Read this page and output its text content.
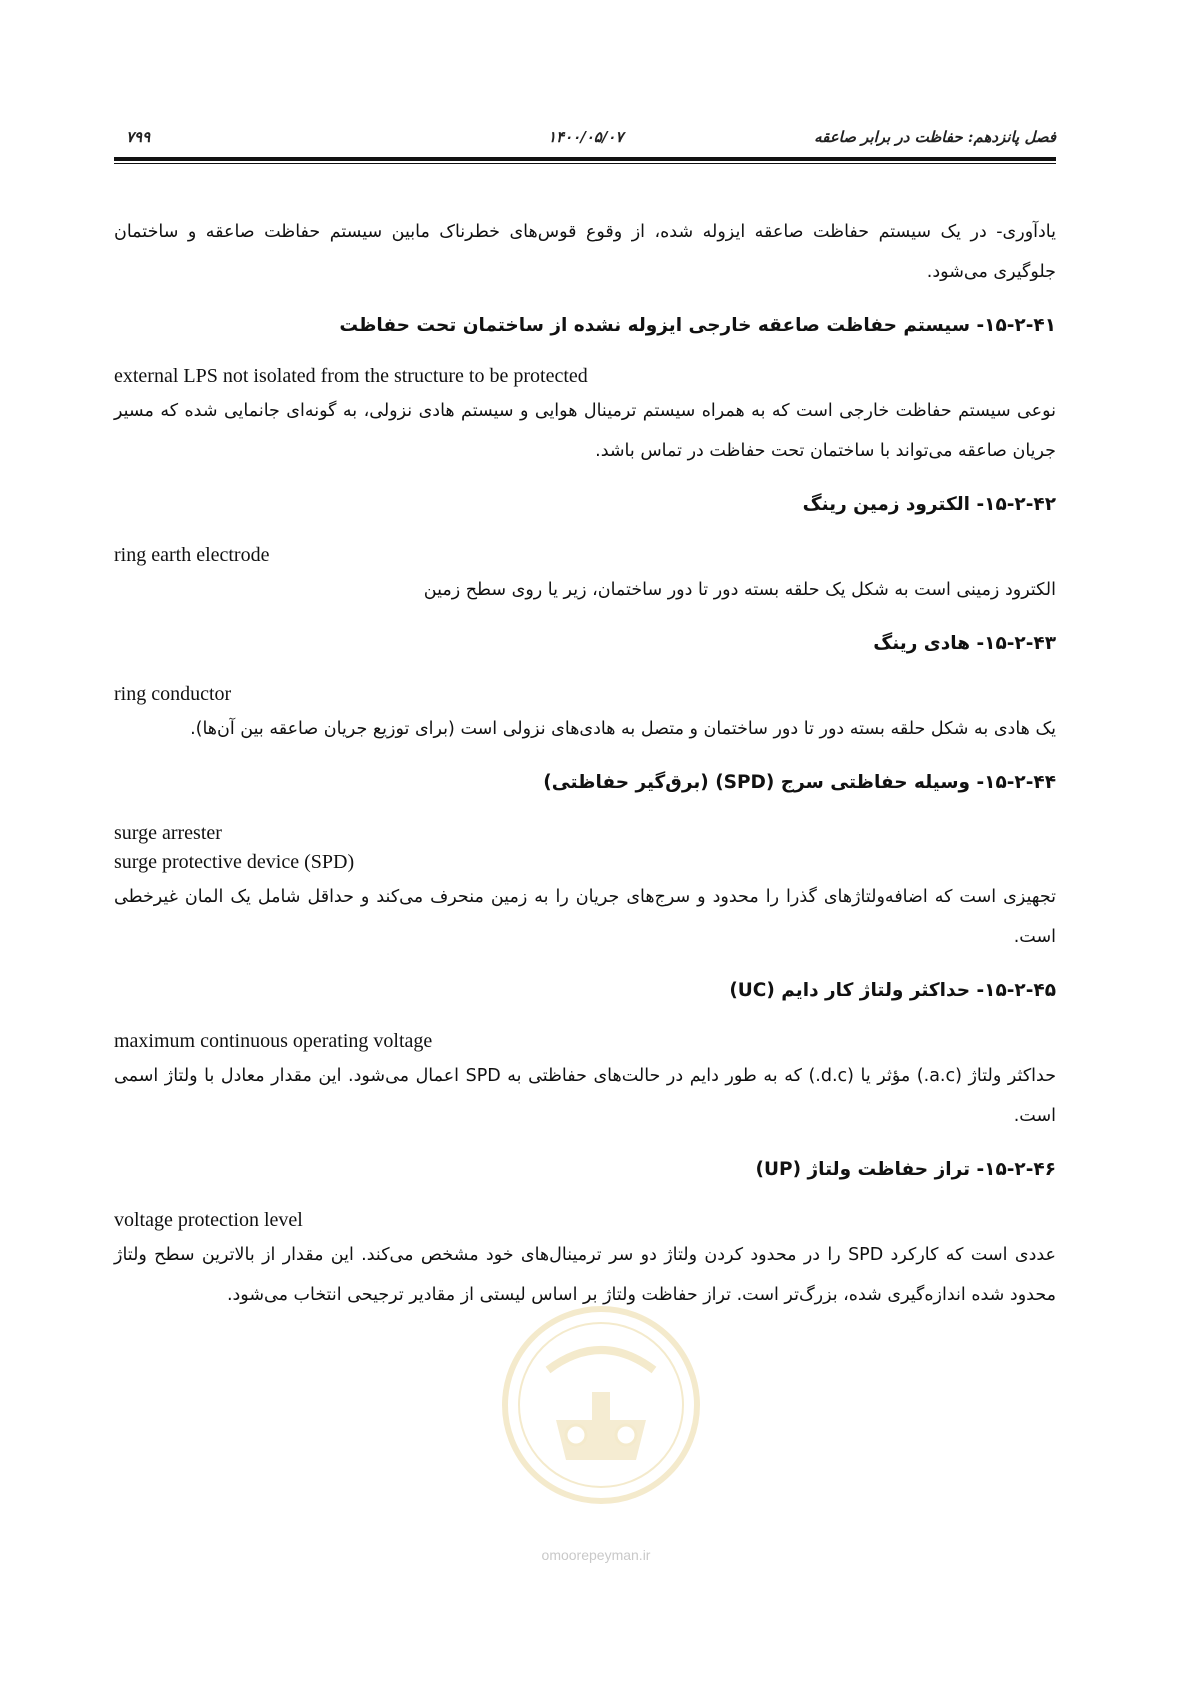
۷۹۹	۱۴۰۰/۰۵/۰۷	فصل پانزدهم: حفاظت در برابر صاعقه
omoorepeyman.ir

یادآوری- در یک سیستم حفاظت صاعقه ایزوله شده، از وقوع قوس‌های خطرناک مابین سیستم حفاظت صاعقه و ساختمان جلوگیری می‌شود.

۱۵-۲-۴۱- سیستم حفاظت صاعقه خارجی ایزوله نشده از ساختمان تحت حفاظت

external LPS not isolated from the structure to be protected

نوعی سیستم حفاظت خارجی است که به همراه سیستم ترمینال هوایی و سیستم هادی نزولی، به گونه‌ای جانمایی شده که مسیر جریان صاعقه می‌تواند با ساختمان تحت حفاظت در تماس باشد.

۱۵-۲-۴۲- الکترود زمین رینگ

ring earth electrode

الکترود زمینی است به شکل یک حلقه بسته دور تا دور ساختمان، زیر یا روی سطح زمین

۱۵-۲-۴۳- هادی رینگ

ring conductor

یک هادی به شکل حلقه بسته دور تا دور ساختمان و متصل به هادی‌های نزولی است (برای توزیع جریان صاعقه بین آن‌ها).

۱۵-۲-۴۴- وسیله حفاظتی سرج (SPD) (برق‌گیر حفاظتی)

surge arrester

surge protective device (SPD)

تجهیزی است که اضافه‌ولتاژهای گذرا را محدود و سرج‌های جریان را به زمین منحرف می‌کند و حداقل شامل یک المان غیرخطی است.

۱۵-۲-۴۵- حداکثر ولتاژ کار دایم (UC)

maximum continuous operating voltage

حداکثر ولتاژ (a.c.) مؤثر یا (d.c.) که به طور دایم در حالت‌های حفاظتی به SPD اعمال می‌شود. این مقدار معادل با ولتاژ اسمی است.

۱۵-۲-۴۶- تراز حفاظت ولتاژ (UP)

voltage protection level

عددی است که کارکرد SPD را در محدود کردن ولتاژ دو سر ترمینال‌های خود مشخص می‌کند. این مقدار از بالاترین سطح ولتاژ محدود شده اندازه‌گیری شده، بزرگ‌تر است. تراز حفاظت ولتاژ بر اساس لیستی از مقادیر ترجیحی انتخاب می‌شود.
